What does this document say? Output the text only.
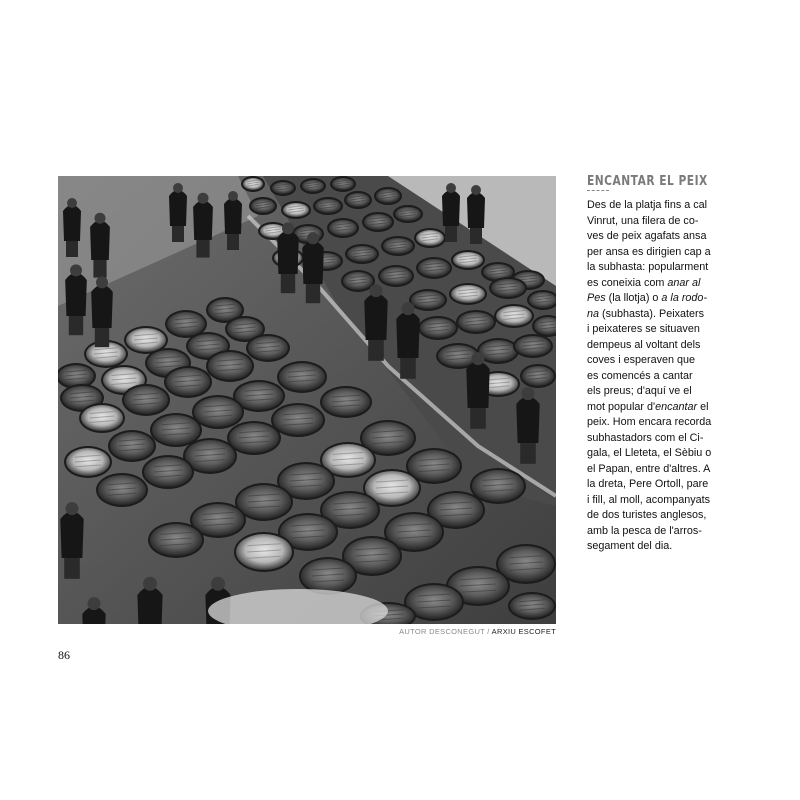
AUTOR DESCONEGUT / ARXIU ESCOFET
86
ENCANTAR EL PEIX
Des de la platja fins a cal
Vinrut, una filera de co-
ves de peix agafats ansa
per ansa es dirigien cap a
la subhasta: popularment
es coneixia com anar al
Pes (la llotja) o a la rodo-
na (subhasta). Peixaters
i peixateres se situaven
dempeus al voltant dels
coves i esperaven que
es comencés a cantar
els preus; d'aquí ve el
mot popular d'encantar el
peix. Hom encara recorda
subhastadors com el Ci-
gala, el Lleteta, el Sèbiu o
el Papan, entre d'altres. A
la dreta, Pere Ortoll, pare
i fill, al moll, acompanyats
de dos turistes anglesos,
amb la pesca de l'arros-
segament del dia.
